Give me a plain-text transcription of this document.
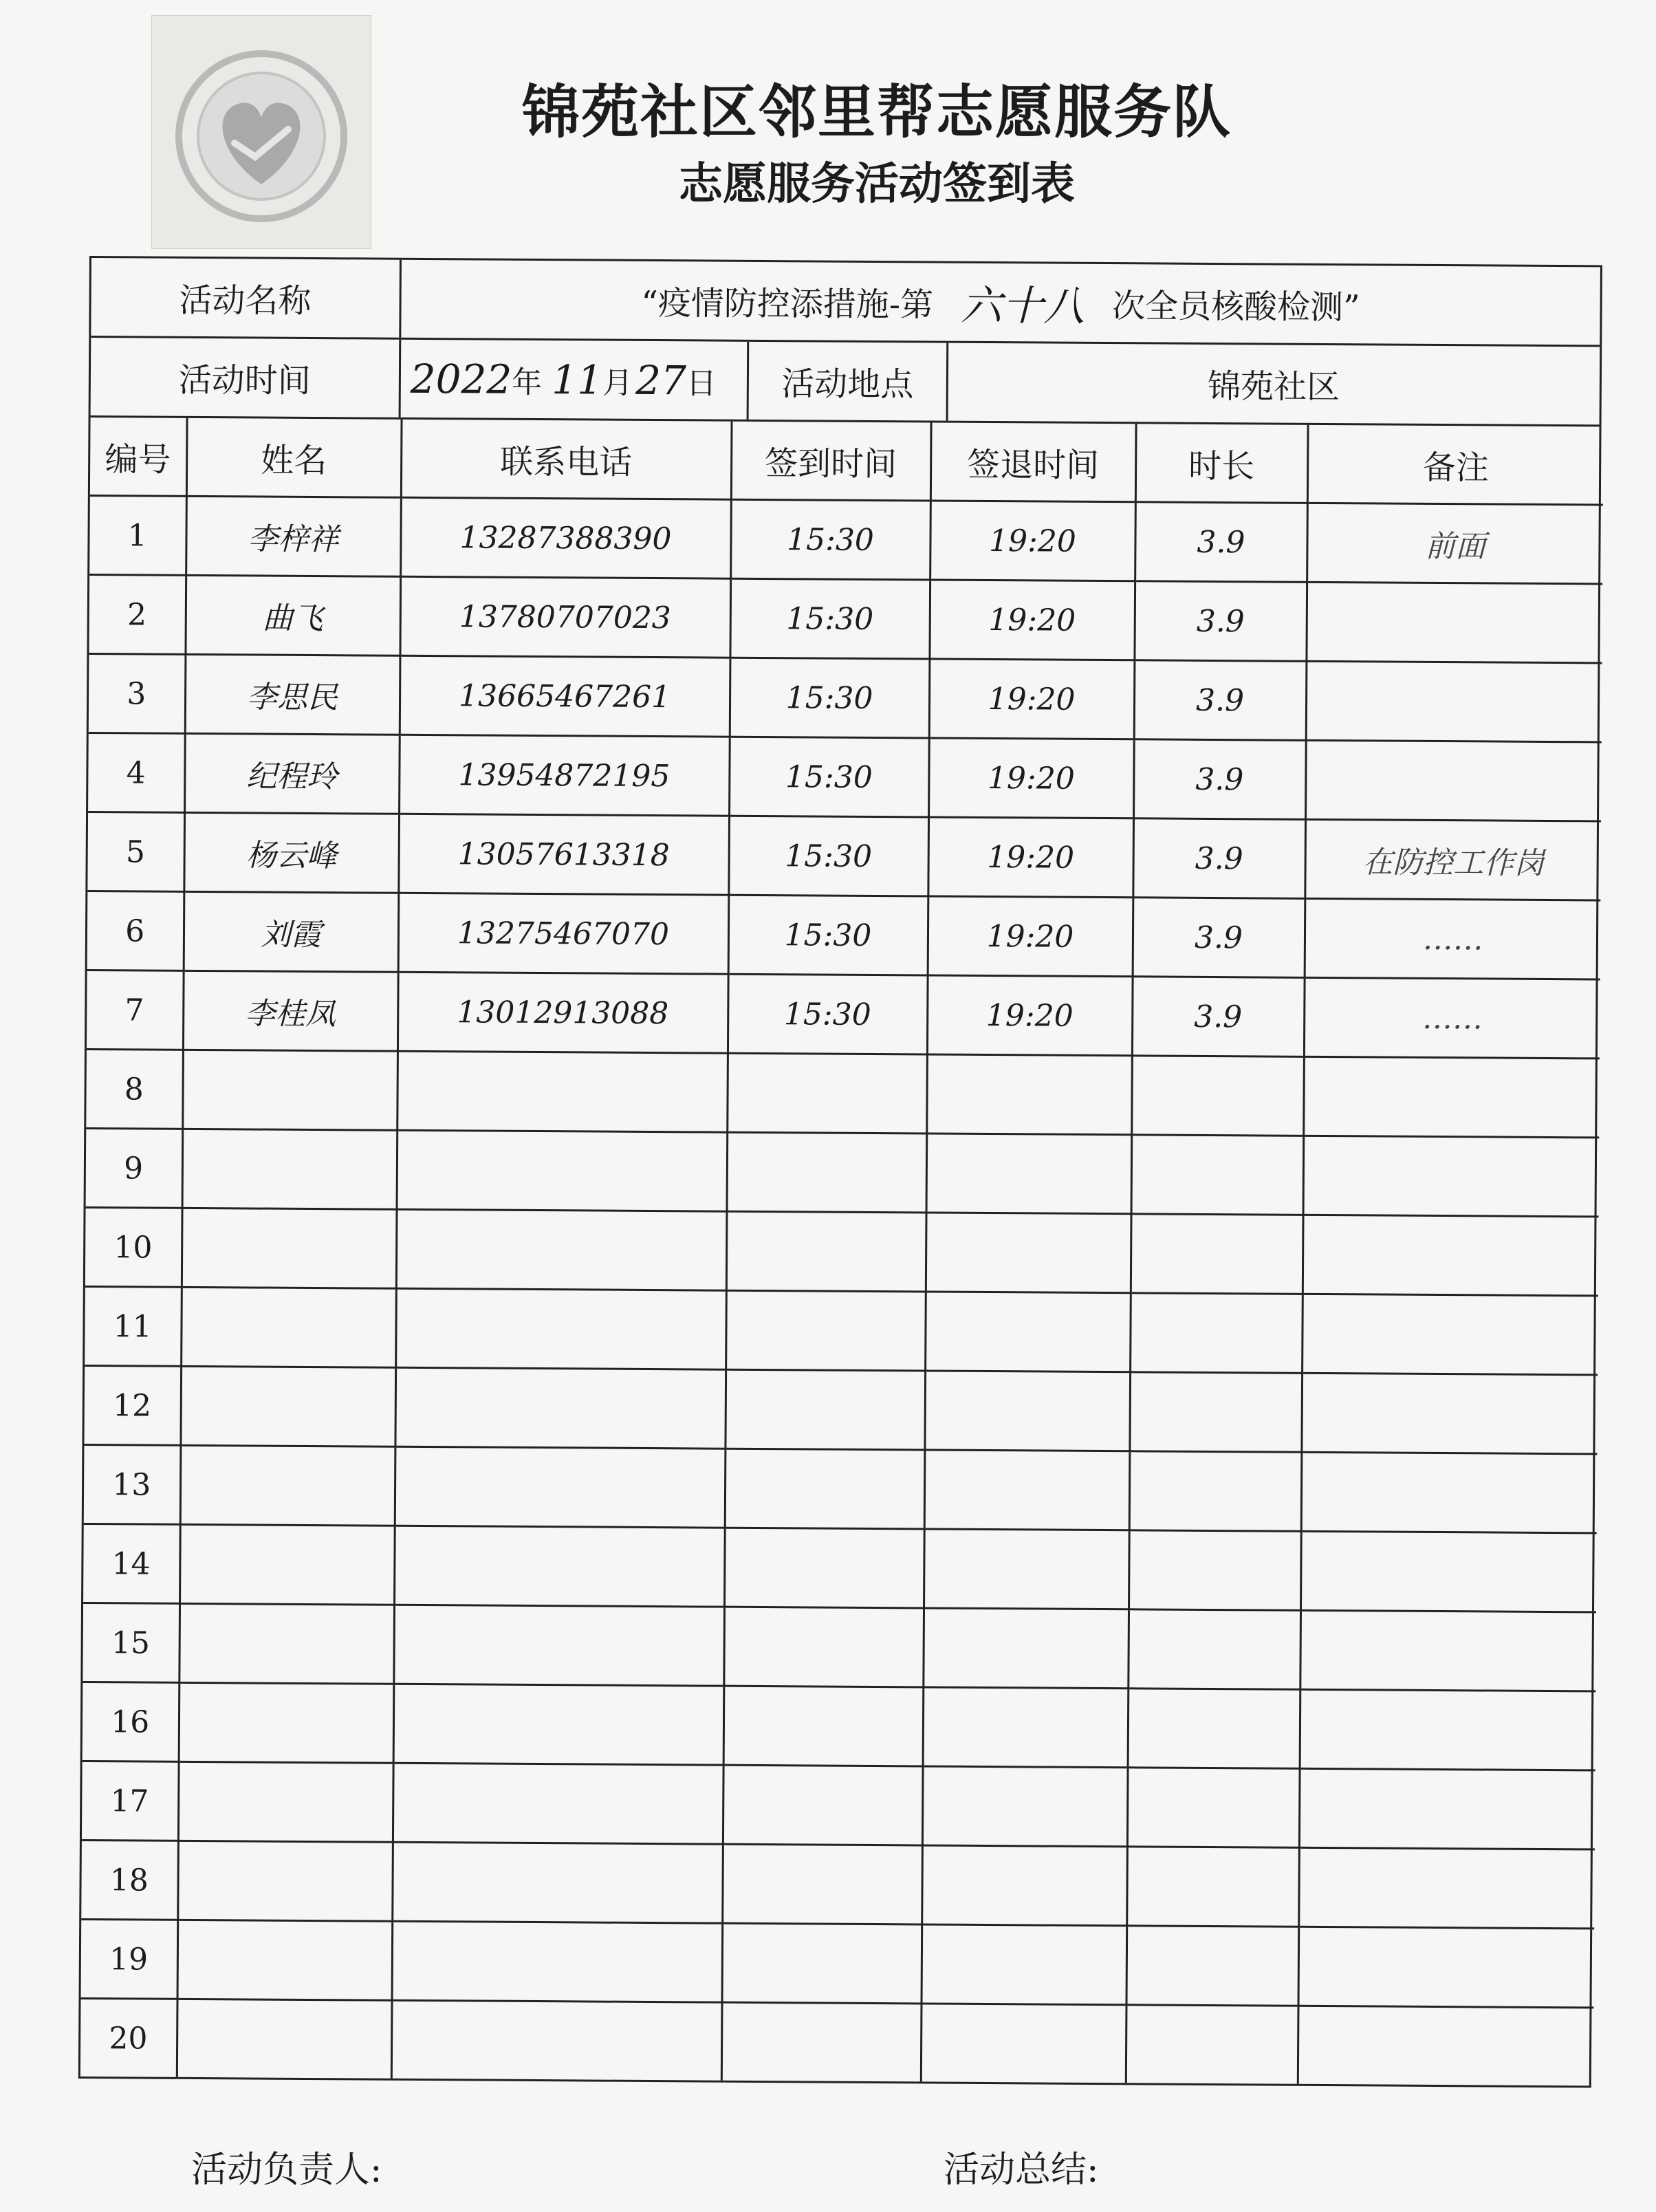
锦苑社区邻里帮志愿服务队
志愿服务活动签到表
活动名称	“疫情防控添措施-第 六十八 次全员核酸检测”
活动时间	2022 年 11 月 27 日	活动地点	锦苑社区
编号	姓名	联系电话	签到时间	签退时间	时长	备注
1	李梓祥	13287388390	15:30	19:20	3.9	前面
2	曲飞	13780707023	15:30	19:20	3.9	
3	李思民	13665467261	15:30	19:20	3.9	
4	纪程玲	13954872195	15:30	19:20	3.9	
5	杨云峰	13057613318	15:30	19:20	3.9	在防控工作岗
6	刘霞	13275467070	15:30	19:20	3.9	……
7	李桂凤	13012913088	15:30	19:20	3.9	……
8						
9						
10						
11						
12						
13						
14						
15						
16						
17						
18						
19						
20						
活动负责人:	活动总结:
